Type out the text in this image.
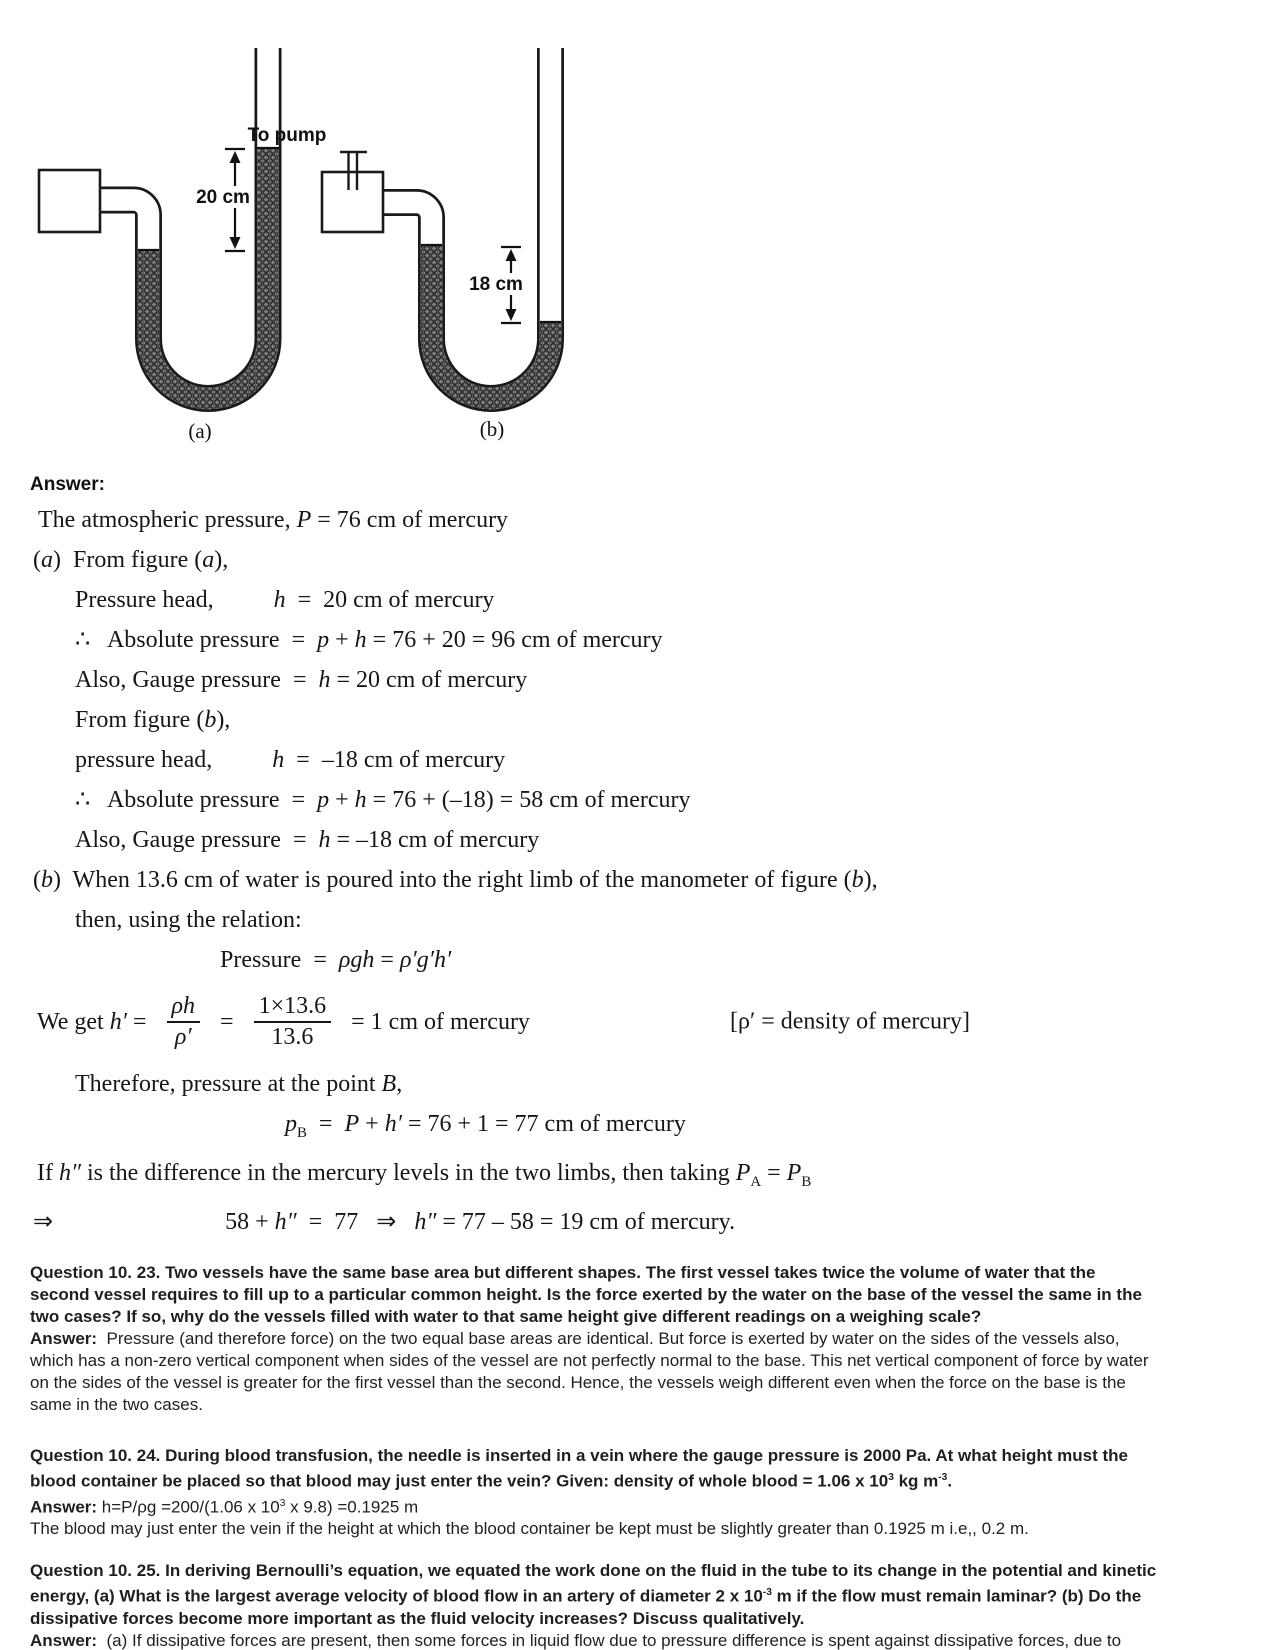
20 cm
To pump
18 cm
(a)	(b)
Answer:
The atmospheric pressure, P = 76 cm of mercury
(a)  From figure (a),
Pressure head,          h  =  20 cm of mercury
∴   Absolute pressure  =  p + h = 76 + 20 = 96 cm of mercury
Also, Gauge pressure  =  h = 20 cm of mercury
From figure (b),
pressure head,          h  =  –18 cm of mercury
∴   Absolute pressure  =  p + h = 76 + (–18) = 58 cm of mercury
Also, Gauge pressure  =  h = –18 cm of mercury
(b)  When 13.6 cm of water is poured into the right limb of the manometer of figure (b),
then, using the relation:
Pressure  =  ρgh = ρ′g′h′
We get $h' = \frac{\rho h}{\rho'} = \frac{1\times 13.6}{13.6} = 1$ cm of mercury	[ρ′ = density of mercury]
Therefore, pressure at the point B,
$p_B = P + h' = 76 + 1 = 77$ cm of mercury
If h″ is the difference in the mercury levels in the two limbs, then taking $P_A = P_B$
⇒	58 + h″  =  77   ⇒   h″ = 77 – 58 = 19 cm of mercury.
Question 10. 23. Two vessels have the same base area but different shapes. The first vessel takes twice the volume of water that the
second vessel requires to fill up to a particular common height. Is the force exerted by the water on the base of the vessel the same in the
two cases? If so, why do the vessels filled with water to that same height give different readings on a weighing scale?
Answer:  Pressure (and therefore force) on the two equal base areas are identical. But force is exerted by water on the sides of the vessels also,
which has a non-zero vertical component when sides of the vessel are not perfectly normal to the base. This net vertical component of force by water
on the sides of the vessel is greater for the first vessel than the second. Hence, the vessels weigh different even when the force on the base is the
same in the two cases.
Question 10. 24. During blood transfusion, the needle is inserted in a vein where the gauge pressure is 2000 Pa. At what height must the
blood container be placed so that blood may just enter the vein? Given: density of whole blood = 1.06 x $10^3$ kg $m^{-3}$.
Answer: h=P/ρg =200/(1.06 x $10^3$ x 9.8) =0.1925 m
The blood may just enter the vein if the height at which the blood container be kept must be slightly greater than 0.1925 m i.e,, 0.2 m.
Question 10. 25. In deriving Bernoulli’s equation, we equated the work done on the fluid in the tube to its change in the potential and kinetic
energy, (a) What is the largest average velocity of blood flow in an artery of diameter 2 x $10^{-3}$ m if the flow must remain laminar? (b) Do the
dissipative forces become more important as the fluid velocity increases? Discuss qualitatively.
Answer:  (a) If dissipative forces are present, then some forces in liquid flow due to pressure difference is spent against dissipative forces, due to
